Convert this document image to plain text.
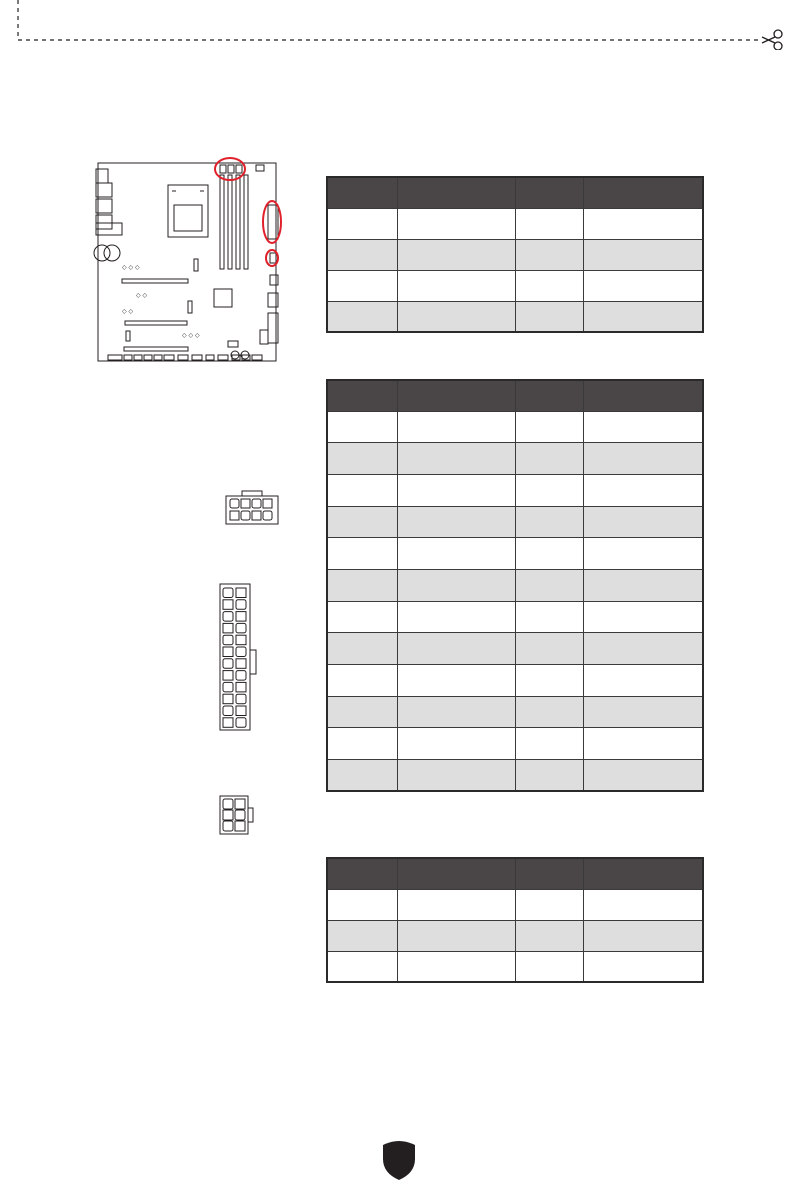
◇ ◇ ◇
◇ ◇
◇ ◇
◇ ◇ ◇
